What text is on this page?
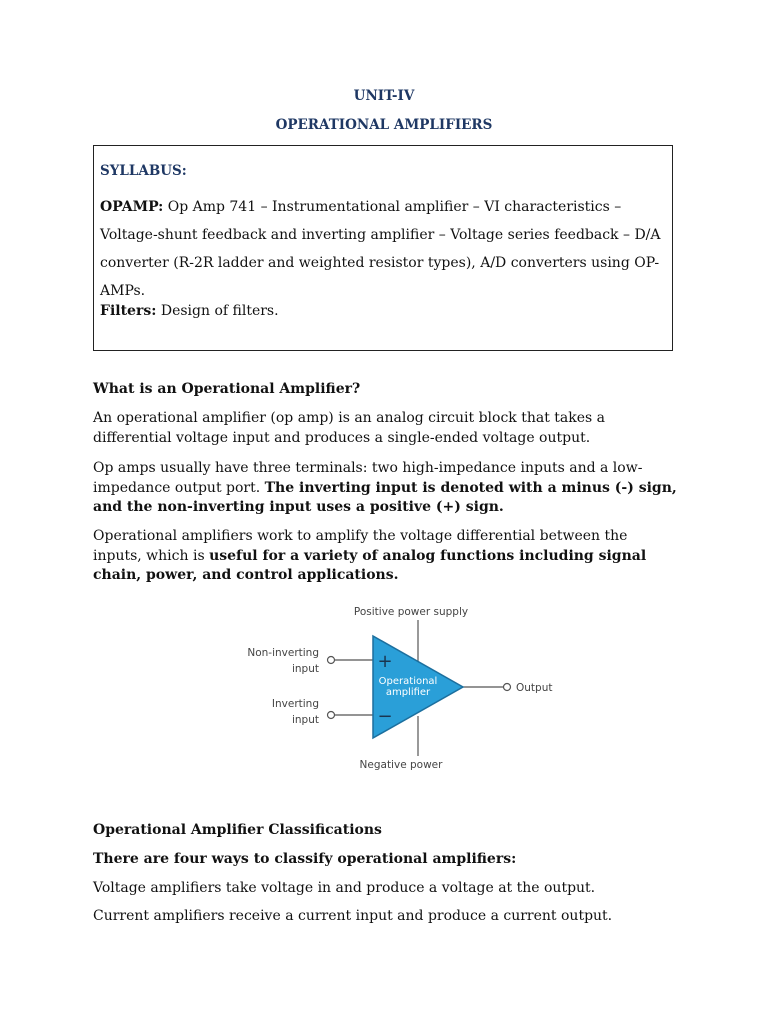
UNIT-IV
OPERATIONAL AMPLIFIERS
SYLLABUS:
OPAMP: Op Amp 741 – Instrumentational amplifier – VI characteristics –Voltage-shunt feedback and inverting amplifier – Voltage series feedback – D/A converter (R-2R ladder and weighted resistor types), A/D converters using OP-AMPs.
Filters: Design of filters.
What is an Operational Amplifier?
An operational amplifier (op amp) is an analog circuit block that takes a differential voltage input and produces a single-ended voltage output.
Op amps usually have three terminals: two high-impedance inputs and a low-impedance output port. The inverting input is denoted with a minus (-) sign, and the non-inverting input uses a positive (+) sign.
Operational amplifiers work to amplify the voltage differential between the inputs, which is useful for a variety of analog functions including signal chain, power, and control applications.
Positive power supply
Non-inverting
input
Inverting
input
+
−
Operational
amplifier	Output
Negative power
Operational Amplifier Classifications
There are four ways to classify operational amplifiers:
Voltage amplifiers take voltage in and produce a voltage at the output.
Current amplifiers receive a current input and produce a current output.
